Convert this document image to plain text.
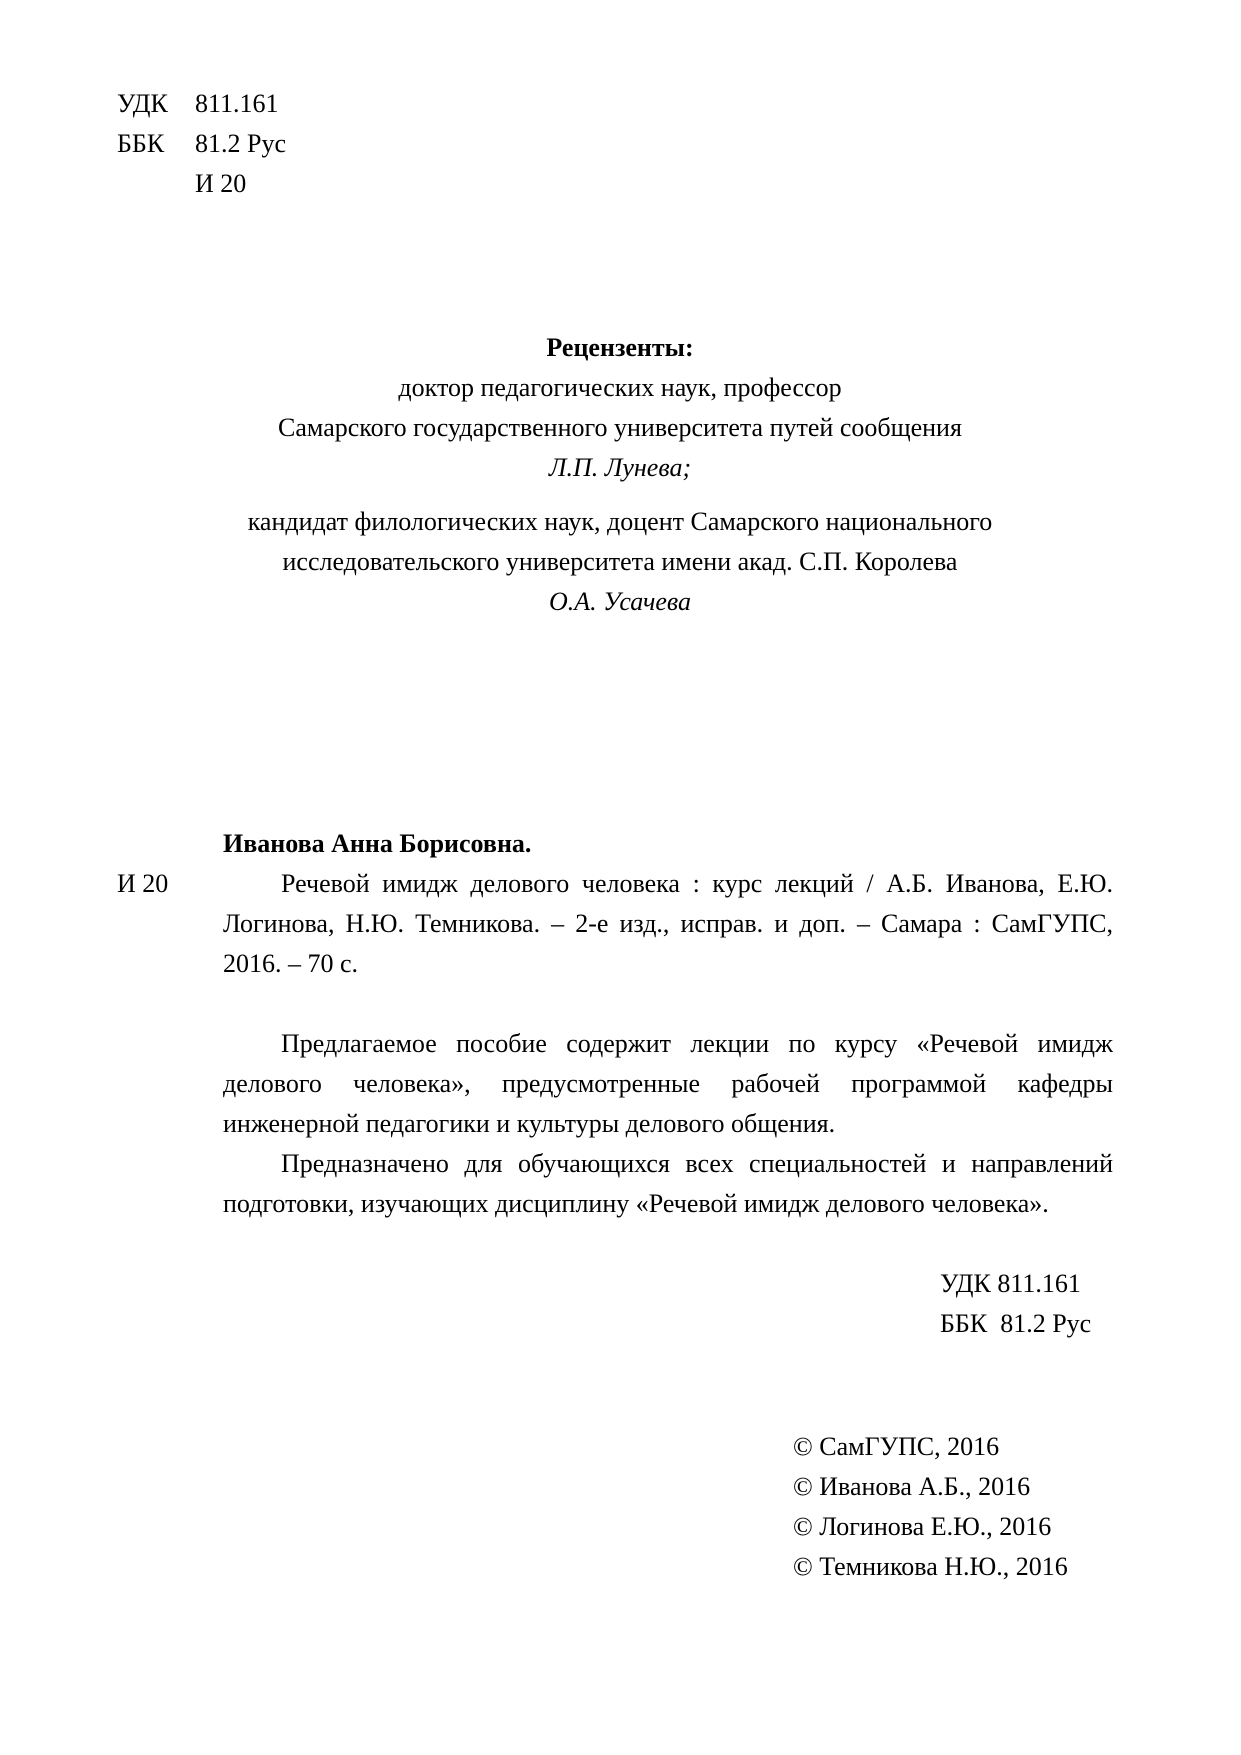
УДК 811.161
ББК 81.2 Рус
И 20
Рецензенты:
доктор педагогических наук, профессор
Самарского государственного университета путей сообщения
Л.П. Лунева;
кандидат филологических наук, доцент Самарского национального
исследовательского университета имени акад. С.П. Королева
О.А. Усачева
Иванова Анна Борисовна.
И 20	Речевой имидж делового человека : курс лекций / А.Б. Иванова, Е.Ю. Логинова, Н.Ю. Темникова. – 2-е изд., исправ. и доп. – Самара : СамГУПС, 2016. – 70 с.
Предлагаемое пособие содержит лекции по курсу «Речевой имидж делового человека», предусмотренные рабочей программой кафедры инженерной педагогики и культуры делового общения.
Предназначено для обучающихся всех специальностей и направлений подготовки, изучающих дисциплину «Речевой имидж делового человека».
УДК 811.161
ББК  81.2 Рус
© СамГУПС, 2016
© Иванова А.Б., 2016
© Логинова Е.Ю., 2016
© Темникова Н.Ю., 2016
